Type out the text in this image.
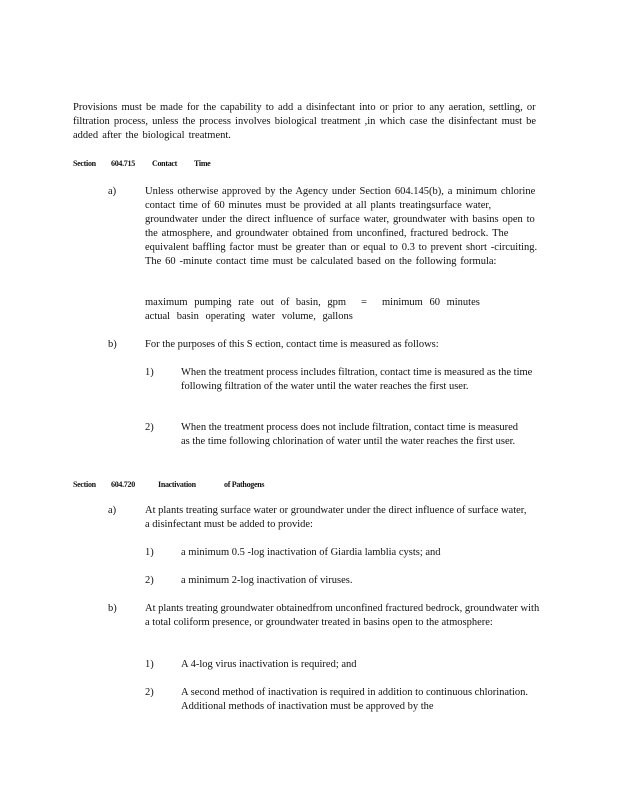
Provisions must be made for the capability to add a disinfectant into or prior to any aeration, settling, or filtration process, unless the process involves biological treatment ,in which case the disinfectant must be added after the biological treatment.

Section 604.715 Contact Time
a)	Unless otherwise approved by the Agency under Section 604.145(b), a minimum chlorine contact time of 60 minutes must be provided at all plants treatingsurface water, groundwater under the direct influence of surface water, groundwater with basins open to the atmosphere, and groundwater obtained from unconfined, fractured bedrock. The equivalent baffling factor must be greater than or equal to 0.3 to prevent short -circuiting. The 60 -minute contact time must be calculated based on the following formula:

maximum pumping rate out of basin, gpm = minimum 60 minutes
actual basin operating water volume, gallons
b)	For the purposes of this S ection, contact time is measured as follows:

1)	When the treatment process includes filtration, contact time is measured as the time following filtration of the water until the water reaches the first user.

2)	When the treatment process does not include filtration, contact time is measured as the time following chlorination of water until the water reaches the first user.

Section 604.720	Inactivation	of Pathogens
a)	At plants treating surface water or groundwater under the direct influence of surface water, a disinfectant must be added to provide:

1)	a minimum 0.5 -log inactivation of Giardia lamblia cysts; and

2)	a minimum 2-log inactivation of viruses.

b)	At plants treating groundwater obtainedfrom unconfined fractured bedrock, groundwater with a total coliform presence, or groundwater treated in basins open to the atmosphere:

1)	A 4-log virus inactivation is required; and

2)	A second method of inactivation is required in addition to continuous chlorination. Additional methods of inactivation must be approved by the
